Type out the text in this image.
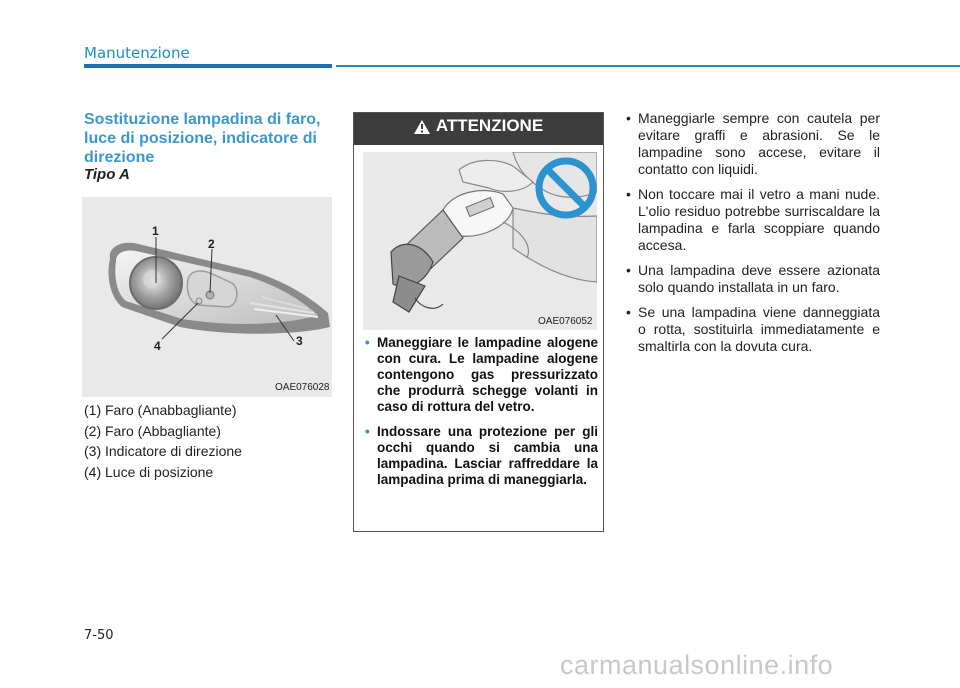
Manutenzione
Sostituzione lampadina di faro, luce di posizione, indicatore di direzione
Tipo A
1
2
3
4
OAE076028
(1) Faro (Anabbagliante)
(2) Faro (Abbagliante)
(3) Indicatore di direzione
(4) Luce di posizione
ATTENZIONE
OAE076052
• Maneggiare le lampadine alogene con cura. Le lampadine alogene contengono gas pressurizzato che produrrà schegge volanti in caso di rottura del vetro.
• Indossare una protezione per gli occhi quando si cambia una lampadina. Lasciar raffreddare la lampadina prima di maneggiarla.
• Maneggiarle sempre con cautela per evitare graffi e abrasioni. Se le lampadine sono accese, evitare il contatto con liquidi.
• Non toccare mai il vetro a mani nude. L'olio residuo potrebbe surriscaldare la lampadina e farla scoppiare quando accesa.
• Una lampadina deve essere azionata solo quando installata in un faro.
• Se una lampadina viene danneggiata o rotta, sostituirla immediatamente e smaltirla con la dovuta cura.
7-50
carmanualsonline.info
